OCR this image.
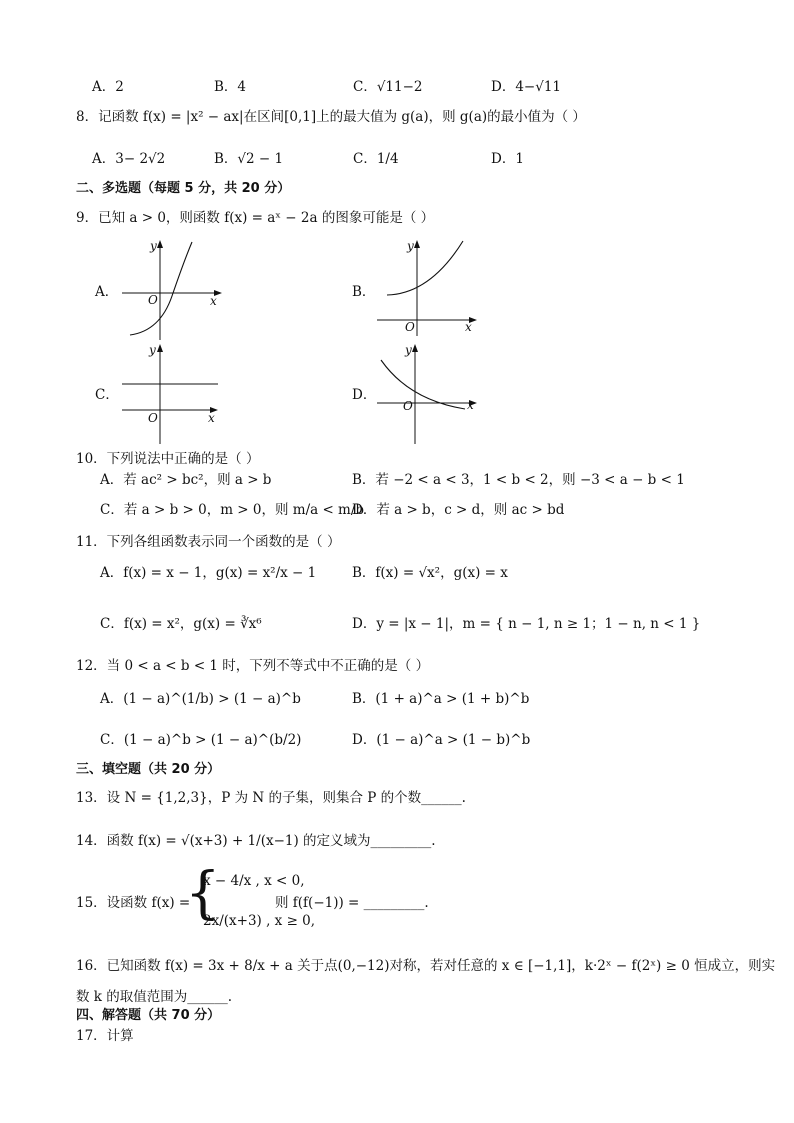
A．2	B．4	C．√11−2	D．4−√11
8．记函数 f(x) = |x² − ax|在区间[0,1]上的最大值为 g(a)，则 g(a)的最小值为（ ）
A．3− 2√2	B．√2 − 1	C．1/4	D．1
二、多选题（每题 5 分，共 20 分）
9．已知 a > 0，则函数 f(x) = aˣ − 2a 的图象可能是（ ）
A．	B．
C．	D．
O	x
y
O	x
y
O	x
y
O	x
y
10．下列说法中正确的是（ ）
A．若 ac² > bc²，则 a > b	B．若 −2 < a < 3，1 < b < 2，则 −3 < a − b < 1
C．若 a > b > 0，m > 0，则 m/a < m/b
D．若 a > b，c > d，则 ac > bd
11．下列各组函数表示同一个函数的是（ ）
A．f(x) = x − 1，g(x) = x²/x − 1	B．f(x) = √x²，g(x) = x
C．f(x) = x²，g(x) = ∛x⁶	D．y = |x − 1|，m = { n − 1, n ≥ 1；1 − n, n < 1 }
12．当 0 < a < b < 1 时，下列不等式中不正确的是（ ）
A．(1 − a)^(1/b) > (1 − a)^b	B．(1 + a)^a > (1 + b)^b
C．(1 − a)^b > (1 − a)^(b/2)	D．(1 − a)^a > (1 − b)^b
三、填空题（共 20 分）
13．设 N = {1,2,3}，P 为 N 的子集，则集合 P 的个数______.
14．函数 f(x) = √(x+3) + 1/(x−1) 的定义域为_________.
15．设函数 f(x) =
{
x − 4/x , x < 0,
2x/(x+3) , x ≥ 0,
则 f(f(−1)) = _________.
16．已知函数 f(x) = 3x + 8/x + a 关于点(0,−12)对称，若对任意的 x ∈ [−1,1]，k·2ˣ − f(2ˣ) ≥ 0 恒成立，则实
数 k 的取值范围为______.
四、解答题（共 70 分）
17．计算
